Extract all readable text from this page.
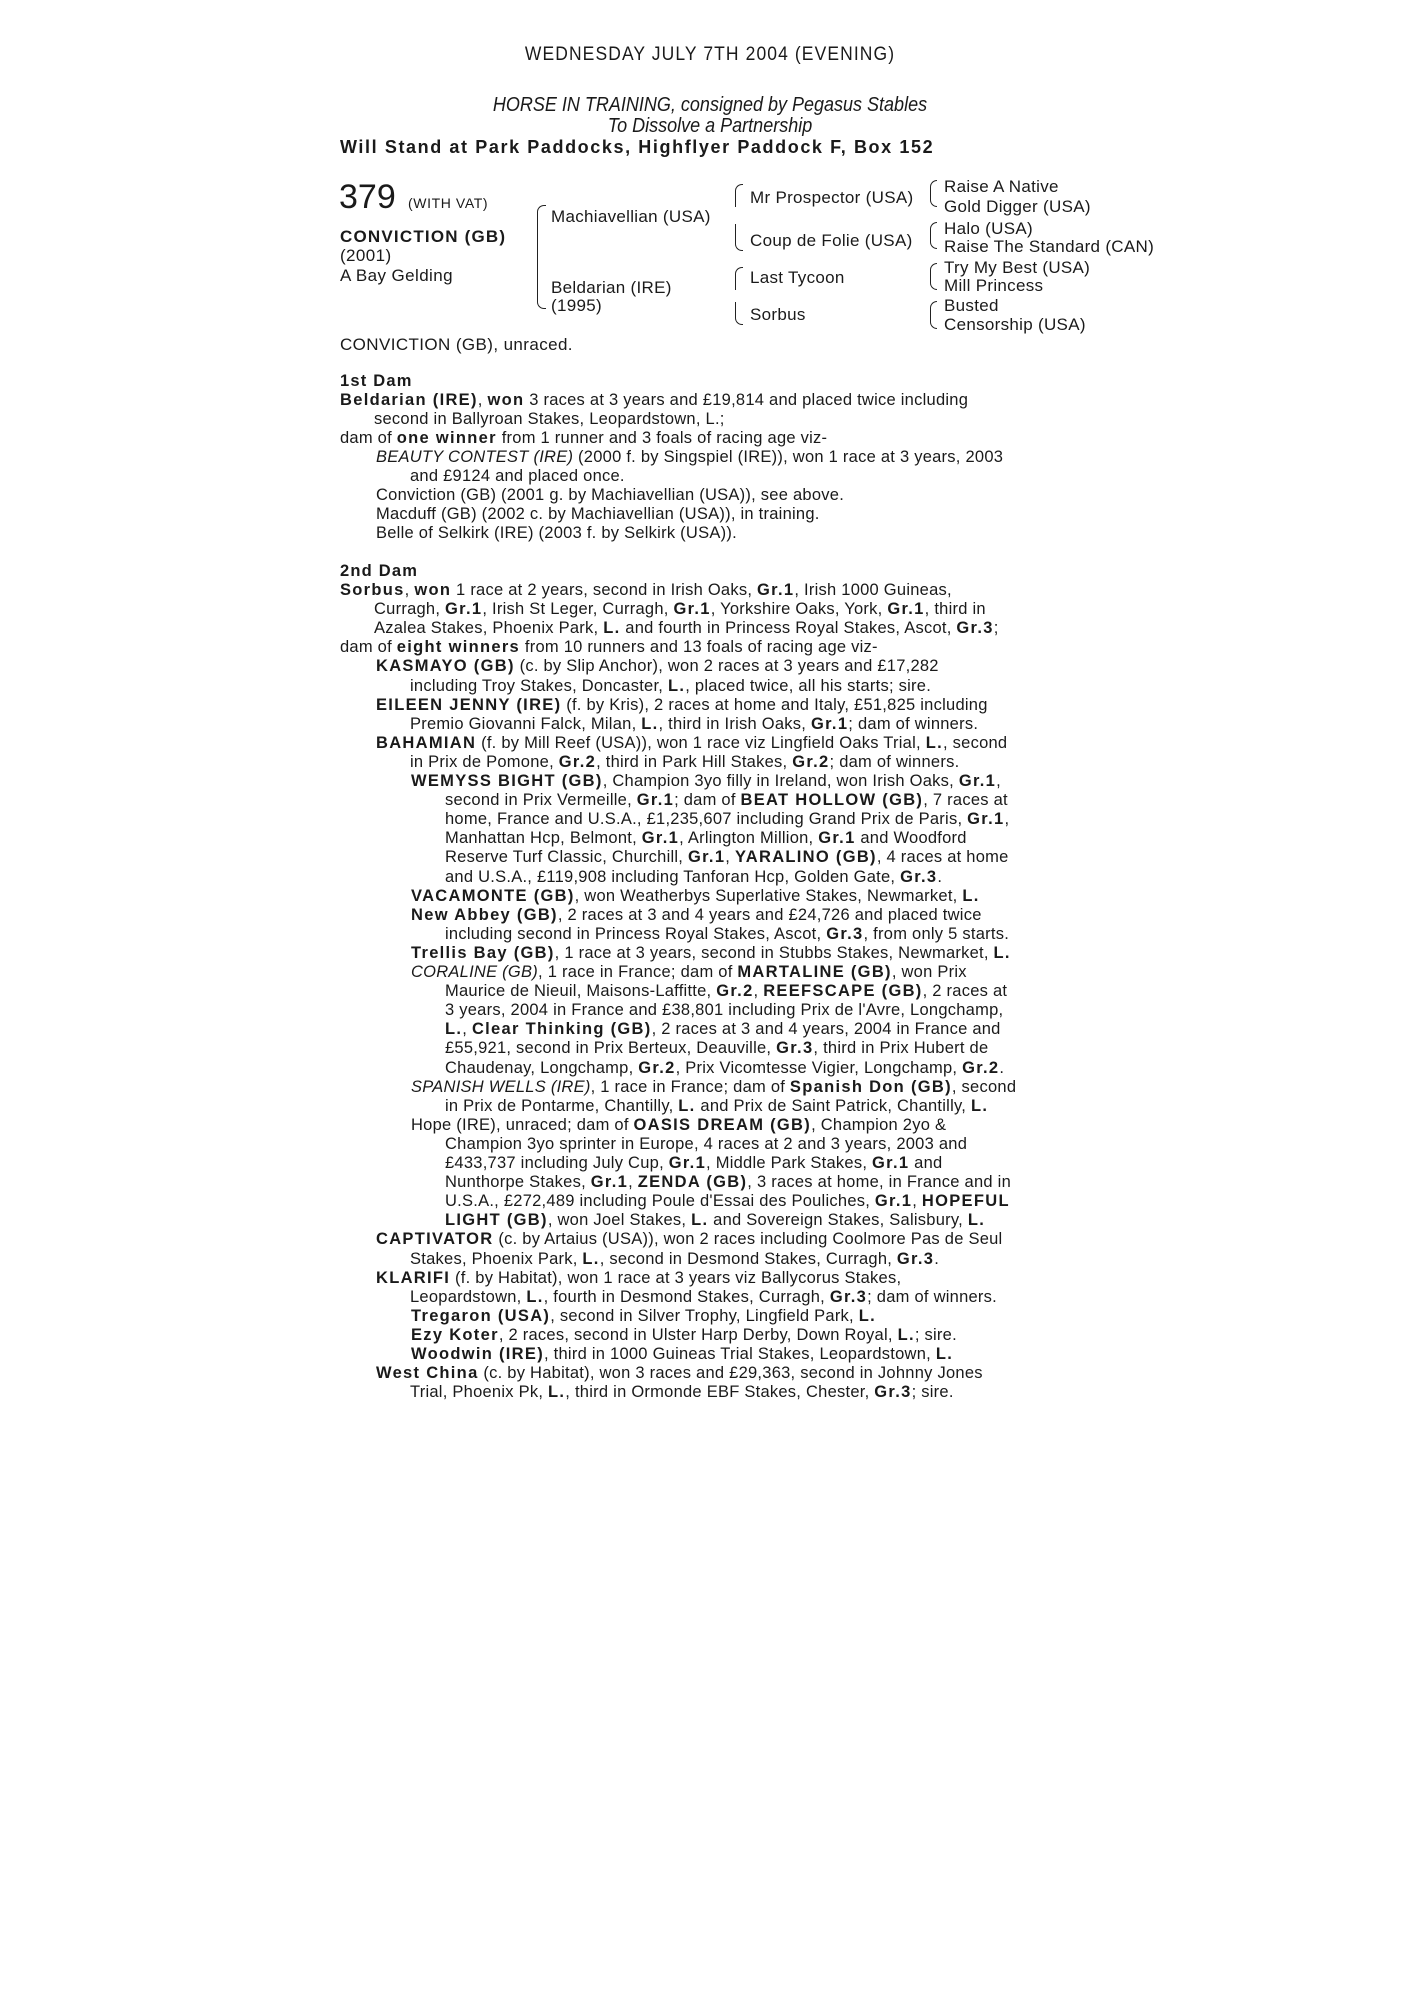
WEDNESDAY JULY 7TH 2004 (EVENING)
HORSE IN TRAINING, consigned by Pegasus Stables
To Dissolve a Partnership
Will Stand at Park Paddocks, Highflyer Paddock F, Box 152
379 (WITH VAT)
CONVICTION (GB)
(2001)
A Bay Gelding
Machiavellian (USA)
Beldarian (IRE)
(1995)
Mr Prospector (USA)
Coup de Folie (USA)
Last Tycoon
Sorbus
Raise A Native
Gold Digger (USA)
Halo (USA)
Raise The Standard (CAN)
Try My Best (USA)
Mill Princess
Busted
Censorship (USA)
CONVICTION (GB), unraced.
1st Dam
Beldarian (IRE), won 3 races at 3 years and £19,814 and placed twice including
second in Ballyroan Stakes, Leopardstown, L.;
dam of one winner from 1 runner and 3 foals of racing age viz-
BEAUTY CONTEST (IRE) (2000 f. by Singspiel (IRE)), won 1 race at 3 years, 2003
and £9124 and placed once.
Conviction (GB) (2001 g. by Machiavellian (USA)), see above.
Macduff (GB) (2002 c. by Machiavellian (USA)), in training.
Belle of Selkirk (IRE) (2003 f. by Selkirk (USA)).
2nd Dam
Sorbus, won 1 race at 2 years, second in Irish Oaks, Gr.1, Irish 1000 Guineas,
Curragh, Gr.1, Irish St Leger, Curragh, Gr.1, Yorkshire Oaks, York, Gr.1, third in
Azalea Stakes, Phoenix Park, L. and fourth in Princess Royal Stakes, Ascot, Gr.3;
dam of eight winners from 10 runners and 13 foals of racing age viz-
KASMAYO (GB) (c. by Slip Anchor), won 2 races at 3 years and £17,282
including Troy Stakes, Doncaster, L., placed twice, all his starts; sire.
EILEEN JENNY (IRE) (f. by Kris), 2 races at home and Italy, £51,825 including
Premio Giovanni Falck, Milan, L., third in Irish Oaks, Gr.1; dam of winners.
BAHAMIAN (f. by Mill Reef (USA)), won 1 race viz Lingfield Oaks Trial, L., second
in Prix de Pomone, Gr.2, third in Park Hill Stakes, Gr.2; dam of winners.
WEMYSS BIGHT (GB), Champion 3yo filly in Ireland, won Irish Oaks, Gr.1,
second in Prix Vermeille, Gr.1; dam of BEAT HOLLOW (GB), 7 races at
home, France and U.S.A., £1,235,607 including Grand Prix de Paris, Gr.1,
Manhattan Hcp, Belmont, Gr.1, Arlington Million, Gr.1 and Woodford
Reserve Turf Classic, Churchill, Gr.1, YARALINO (GB), 4 races at home
and U.S.A., £119,908 including Tanforan Hcp, Golden Gate, Gr.3.
VACAMONTE (GB), won Weatherbys Superlative Stakes, Newmarket, L.
New Abbey (GB), 2 races at 3 and 4 years and £24,726 and placed twice
including second in Princess Royal Stakes, Ascot, Gr.3, from only 5 starts.
Trellis Bay (GB), 1 race at 3 years, second in Stubbs Stakes, Newmarket, L.
CORALINE (GB), 1 race in France; dam of MARTALINE (GB), won Prix
Maurice de Nieuil, Maisons-Laffitte, Gr.2, REEFSCAPE (GB), 2 races at
3 years, 2004 in France and £38,801 including Prix de l'Avre, Longchamp,
L., Clear Thinking (GB), 2 races at 3 and 4 years, 2004 in France and
£55,921, second in Prix Berteux, Deauville, Gr.3, third in Prix Hubert de
Chaudenay, Longchamp, Gr.2, Prix Vicomtesse Vigier, Longchamp, Gr.2.
SPANISH WELLS (IRE), 1 race in France; dam of Spanish Don (GB), second
in Prix de Pontarme, Chantilly, L. and Prix de Saint Patrick, Chantilly, L.
Hope (IRE), unraced; dam of OASIS DREAM (GB), Champion 2yo &
Champion 3yo sprinter in Europe, 4 races at 2 and 3 years, 2003 and
£433,737 including July Cup, Gr.1, Middle Park Stakes, Gr.1 and
Nunthorpe Stakes, Gr.1, ZENDA (GB), 3 races at home, in France and in
U.S.A., £272,489 including Poule d'Essai des Pouliches, Gr.1, HOPEFUL
LIGHT (GB), won Joel Stakes, L. and Sovereign Stakes, Salisbury, L.
CAPTIVATOR (c. by Artaius (USA)), won 2 races including Coolmore Pas de Seul
Stakes, Phoenix Park, L., second in Desmond Stakes, Curragh, Gr.3.
KLARIFI (f. by Habitat), won 1 race at 3 years viz Ballycorus Stakes,
Leopardstown, L., fourth in Desmond Stakes, Curragh, Gr.3; dam of winners.
Tregaron (USA), second in Silver Trophy, Lingfield Park, L.
Ezy Koter, 2 races, second in Ulster Harp Derby, Down Royal, L.; sire.
Woodwin (IRE), third in 1000 Guineas Trial Stakes, Leopardstown, L.
West China (c. by Habitat), won 3 races and £29,363, second in Johnny Jones
Trial, Phoenix Pk, L., third in Ormonde EBF Stakes, Chester, Gr.3; sire.
